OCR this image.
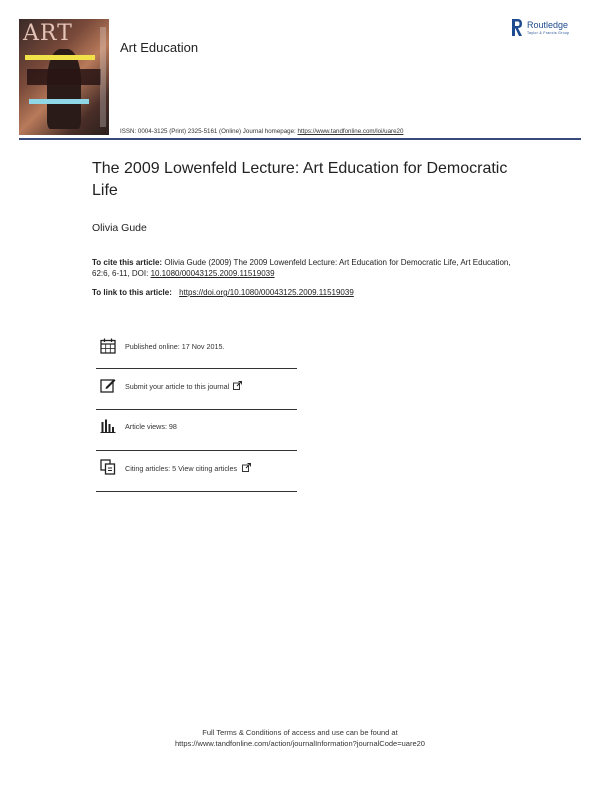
ART
Art Education
Routledge
Taylor & Francis Group
ISSN: 0004-3125 (Print) 2325-5161 (Online) Journal homepage: https://www.tandfonline.com/loi/uare20
The 2009 Lowenfeld Lecture: Art Education for Democratic Life
Olivia Gude
To cite this article: Olivia Gude (2009) The 2009 Lowenfeld Lecture: Art Education for Democratic Life, Art Education, 62:6, 6-11, DOI: 10.1080/00043125.2009.11519039
To link to this article: https://doi.org/10.1080/00043125.2009.11519039
Published online: 17 Nov 2015.
Submit your article to this journal
Article views: 98
Citing articles: 5 View citing articles
Full Terms & Conditions of access and use can be found at
https://www.tandfonline.com/action/journalInformation?journalCode=uare20
